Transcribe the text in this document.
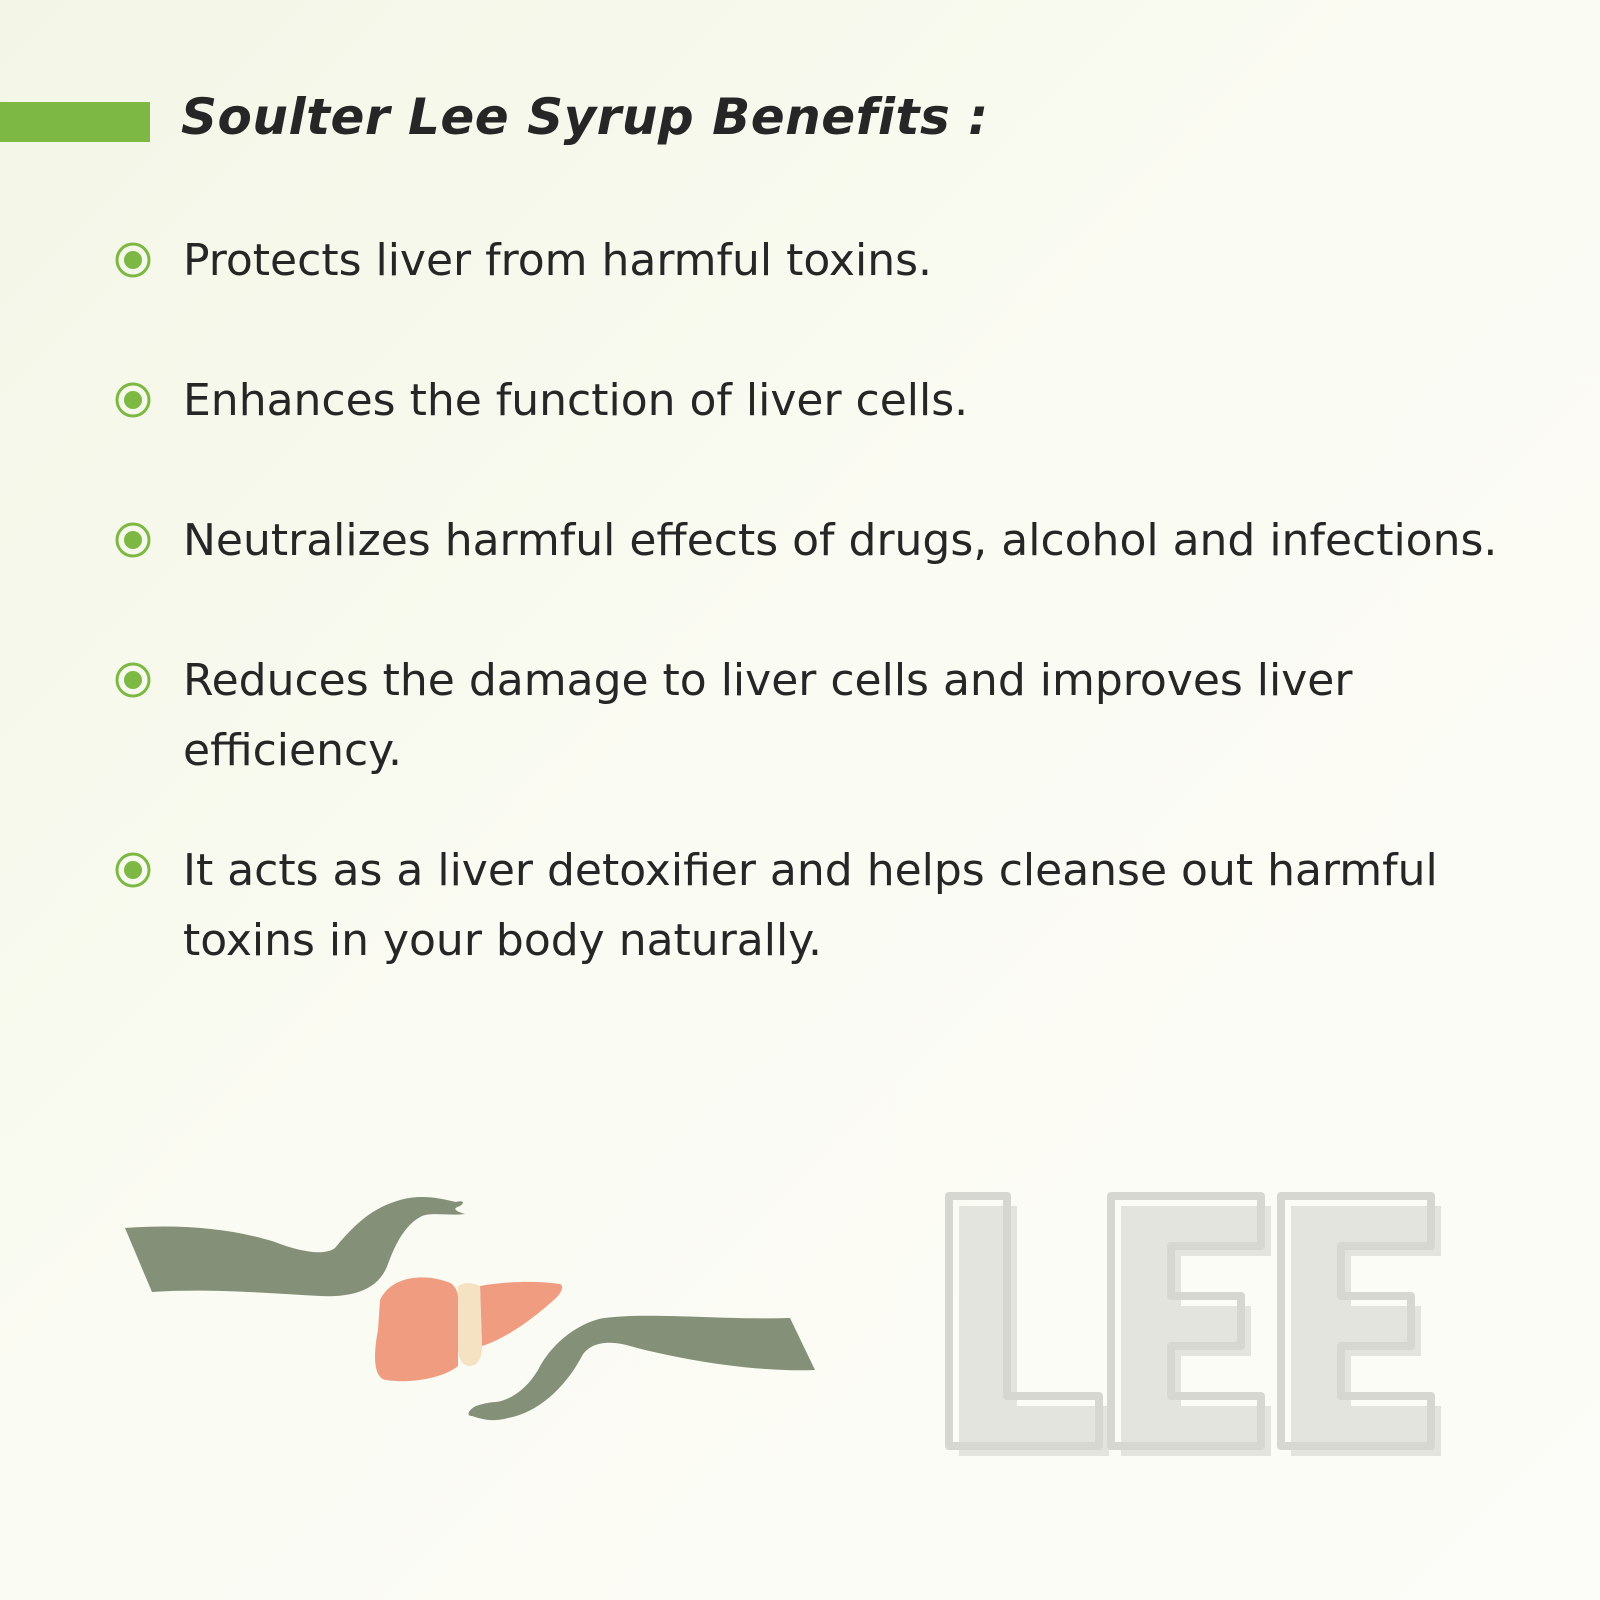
Soulter Lee Syrup Benefits :

Protects liver from harmful toxins.

Enhances the function of liver cells.

Neutralizes harmful effects of drugs, alcohol and infections.

Reduces the damage to liver cells and improves liver efficiency.

It acts as a liver detoxifier and helps cleanse out harmful toxins in your body naturally.
